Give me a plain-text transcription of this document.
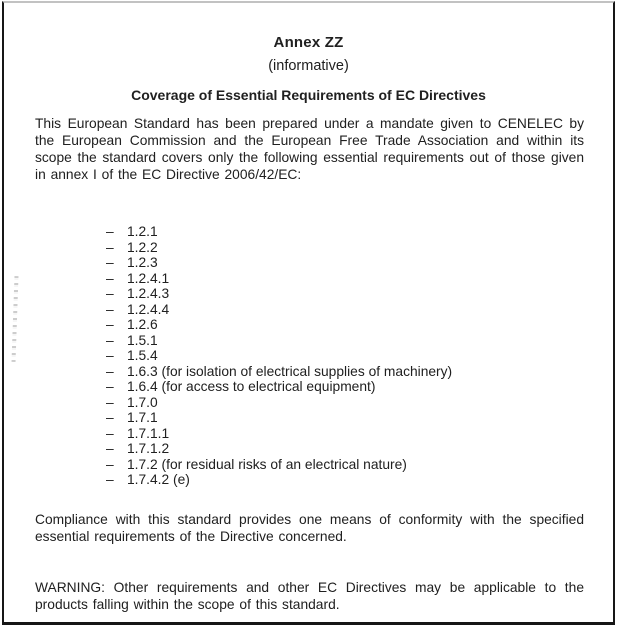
Annex ZZ
(informative)
Coverage of Essential Requirements of EC Directives

This European Standard has been prepared under a mandate given to CENELEC by the European Commission and the European Free Trade Association and within its scope the standard covers only the following essential requirements out of those given in annex I of the EC Directive 2006/42/EC:

– 1.2.1
– 1.2.2
– 1.2.3
– 1.2.4.1
– 1.2.4.3
– 1.2.4.4
– 1.2.6
– 1.5.1
– 1.5.4
– 1.6.3 (for isolation of electrical supplies of machinery)
– 1.6.4 (for access to electrical equipment)
– 1.7.0
– 1.7.1
– 1.7.1.1
– 1.7.1.2
– 1.7.2 (for residual risks of an electrical nature)
– 1.7.4.2 (e)

Compliance with this standard provides one means of conformity with the specified essential requirements of the Directive concerned.

WARNING: Other requirements and other EC Directives may be applicable to the products falling within the scope of this standard.
